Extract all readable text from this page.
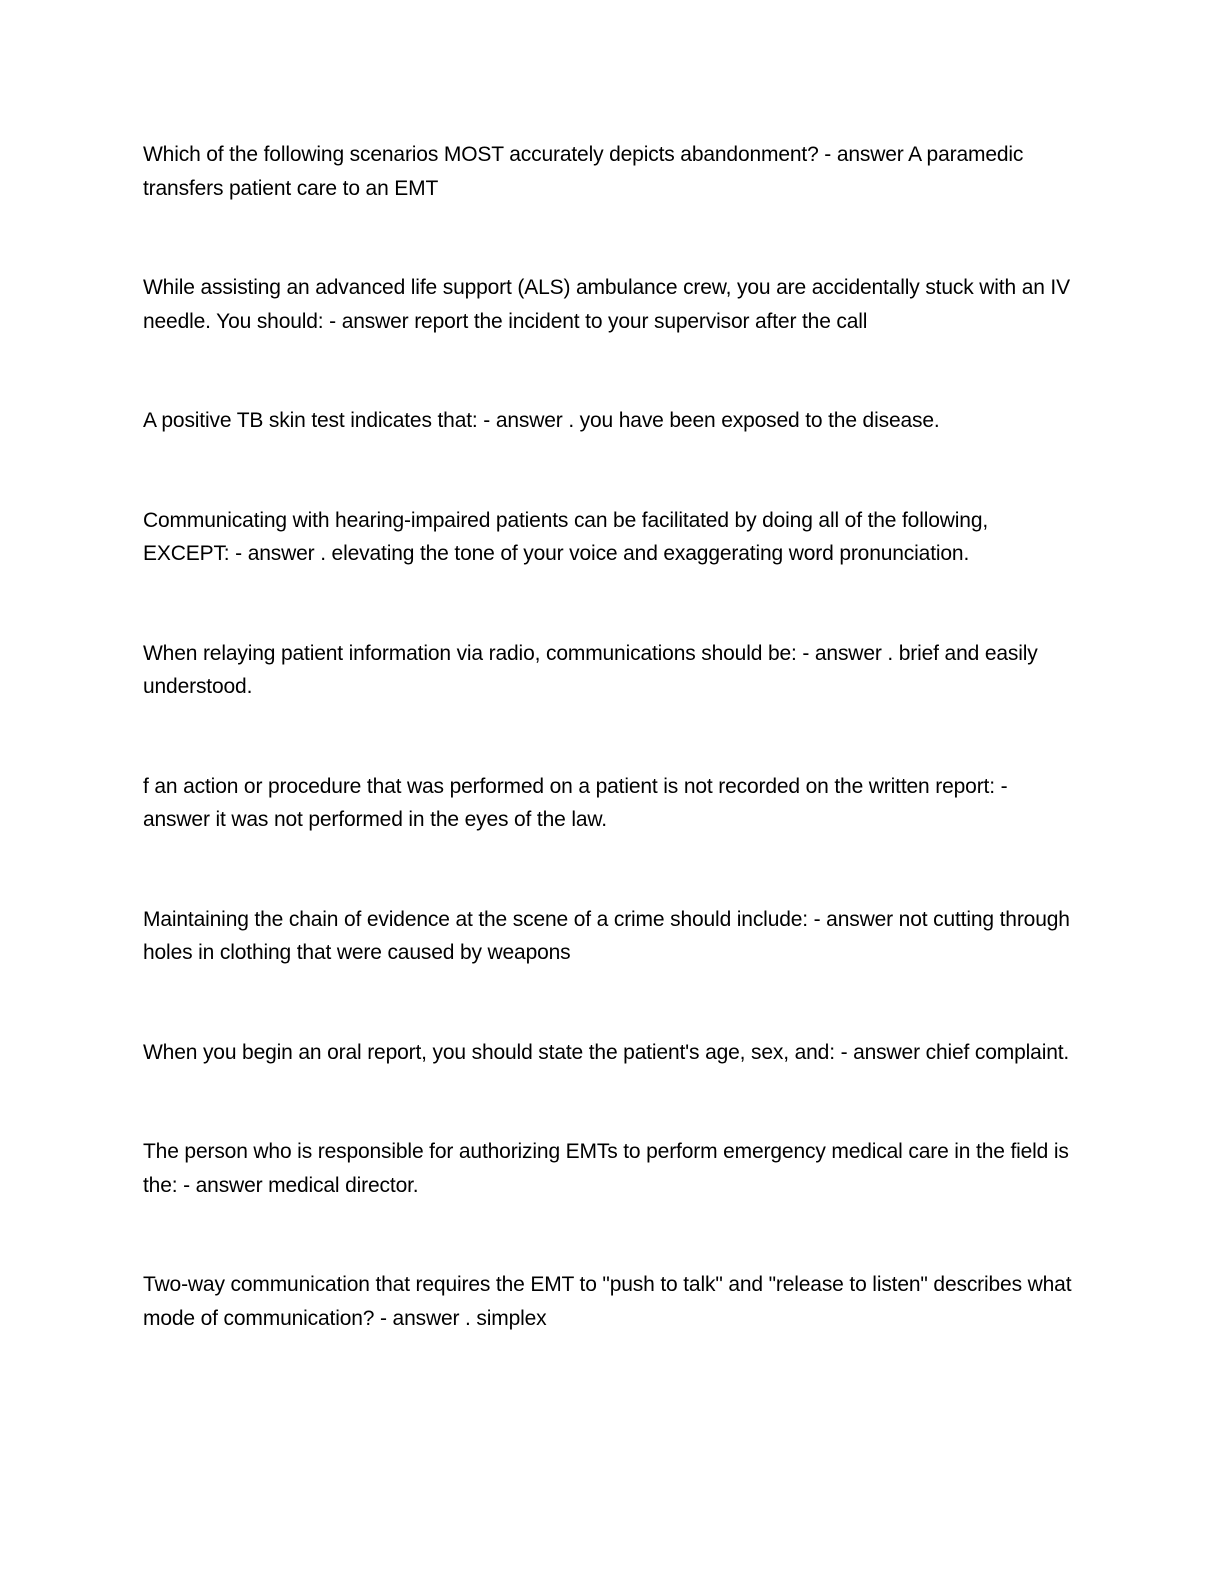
Which of the following scenarios MOST accurately depicts abandonment? - answer A paramedic transfers patient care to an EMT
While assisting an advanced life support (ALS) ambulance crew, you are accidentally stuck with an IV needle. You should: - answer report the incident to your supervisor after the call
A positive TB skin test indicates that: - answer . you have been exposed to the disease.
Communicating with hearing-impaired patients can be facilitated by doing all of the following, EXCEPT: - answer . elevating the tone of your voice and exaggerating word pronunciation.
When relaying patient information via radio, communications should be: - answer . brief and easily understood.
f an action or procedure that was performed on a patient is not recorded on the written report: - answer it was not performed in the eyes of the law.
Maintaining the chain of evidence at the scene of a crime should include: - answer not cutting through holes in clothing that were caused by weapons
When you begin an oral report, you should state the patient's age, sex, and: - answer chief complaint.
The person who is responsible for authorizing EMTs to perform emergency medical care in the field is the: - answer medical director.
Two-way communication that requires the EMT to "push to talk" and "release to listen" describes what mode of communication? - answer . simplex
